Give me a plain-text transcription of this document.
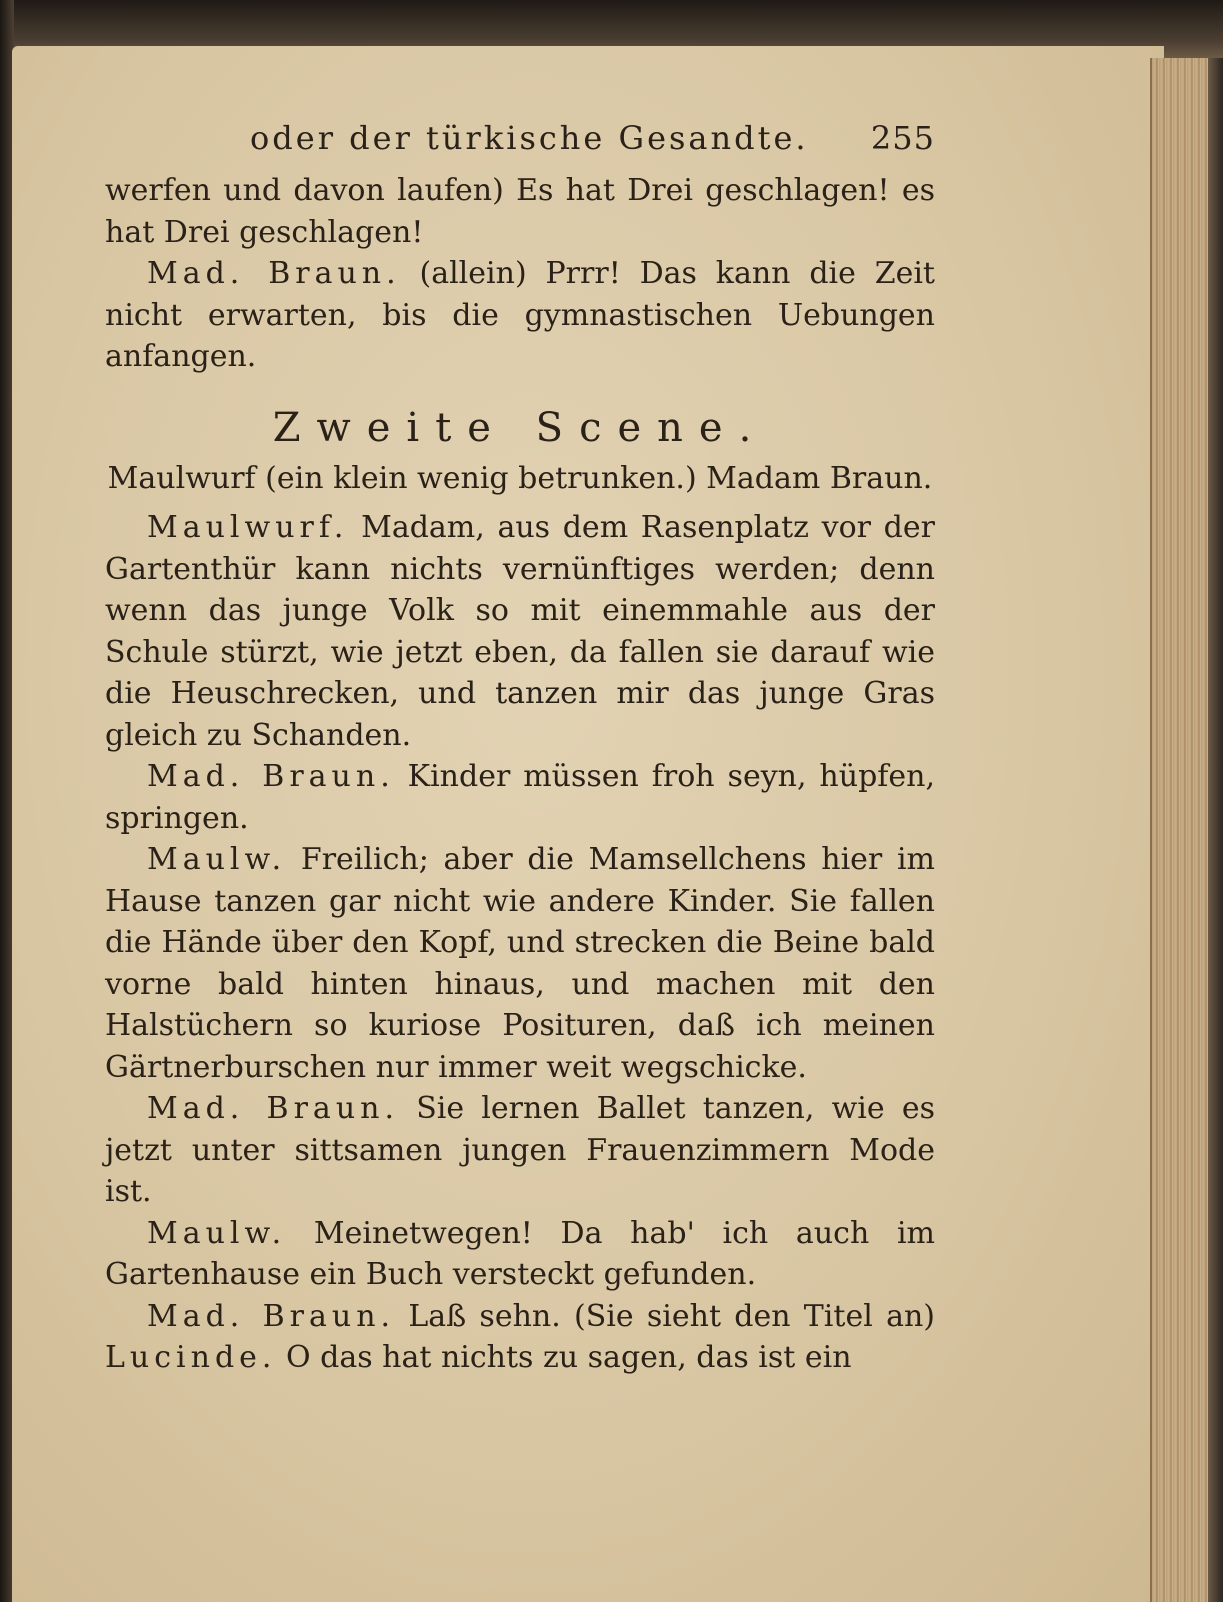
oder der türkische Gesandte. 255

werfen und davon laufen) Es hat Drei geschlagen! es hat Drei geschlagen!

Mad. Braun. (allein) Prrr! Das kann die Zeit nicht erwarten, bis die gymnastischen Uebungen anfangen.

Zweite Scene.
Maulwurf (ein klein wenig betrunken.) Madam Braun.

Maulwurf. Madam, aus dem Rasenplatz vor der Gartenthür kann nichts vernünftiges werden; denn wenn das junge Volk so mit einemmahle aus der Schule stürzt, wie jetzt eben, da fallen sie darauf wie die Heuschrecken, und tanzen mir das junge Gras gleich zu Schanden.

Mad. Braun. Kinder müssen froh seyn, hüpfen, springen.

Maulw. Freilich; aber die Mamsellchens hier im Hause tanzen gar nicht wie andere Kinder. Sie fallen die Hände über den Kopf, und strecken die Beine bald vorne bald hinten hinaus, und machen mit den Halstüchern so kuriose Posituren, daß ich meinen Gärtnerburschen nur immer weit wegschicke.

Mad. Braun. Sie lernen Ballet tanzen, wie es jetzt unter sittsamen jungen Frauenzimmern Mode ist.

Maulw. Meinetwegen! Da hab' ich auch im Gartenhause ein Buch versteckt gefunden.

Mad. Braun. Laß sehn. (Sie sieht den Titel an) Lucinde. O das hat nichts zu sagen, das ist ein
